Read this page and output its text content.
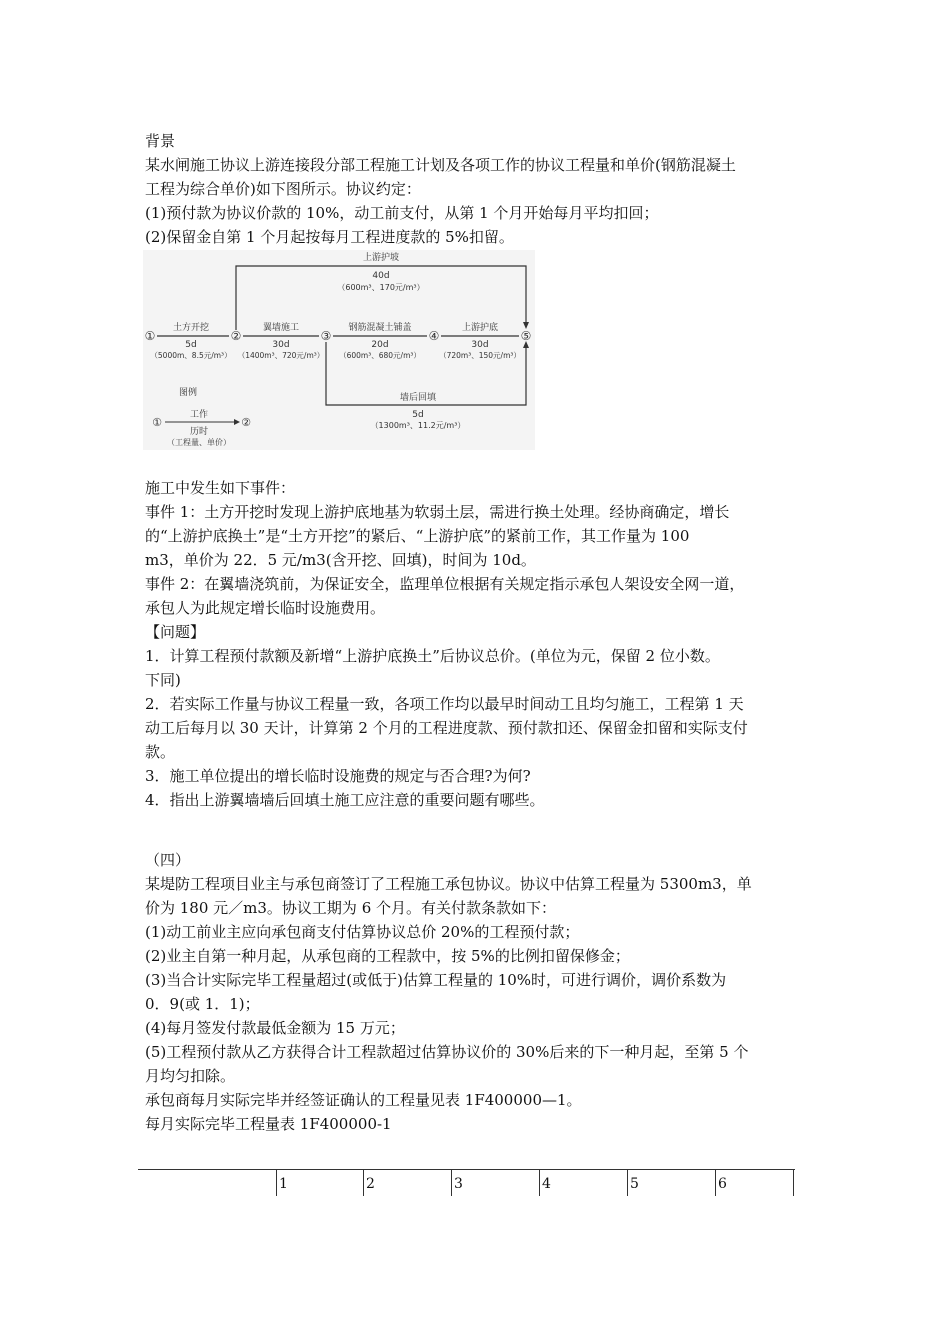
背景
某水闸施工协议上游连接段分部工程施工计划及各项工作的协议工程量和单价(钢筋混凝土
工程为综合单价)如下图所示。协议约定：
(1)预付款为协议价款的 10%，动工前支付，从第 1 个月开始每月平均扣回；
(2)保留金自第 1 个月起按每月工程进度款的 5%扣留。
上游护坡
40d
（600m³、170元/m³）
墙后回填
5d
（1300m³、11.2元/m³）
①	②	③	④	⑤
土方开挖
5d
（5000m、8.5元/m³）
翼墙施工
30d
（1400m³、720元/m³）
钢筋混凝土铺盖
20d
（600m³、680元/m³）
上游护底
30d
（720m³、150元/m³）
图例
①	②
工作
历时
（工程量、单价）
施工中发生如下事件：
事件 1：土方开挖时发现上游护底地基为软弱土层，需进行换土处理。经协商确定，增长
的“上游护底换土”是“土方开挖”的紧后、“上游护底”的紧前工作，其工作量为 100
m3，单价为 22．5 元/m3(含开挖、回填)，时间为 10d。
事件 2：在翼墙浇筑前，为保证安全，监理单位根据有关规定指示承包人架设安全网一道，
承包人为此规定增长临时设施费用。
【问题】
1．计算工程预付款额及新增“上游护底换土”后协议总价。(单位为元，保留 2 位小数。
下同)
2．若实际工作量与协议工程量一致，各项工作均以最早时间动工且均匀施工，工程第 1 天
动工后每月以 30 天计，计算第 2 个月的工程进度款、预付款扣还、保留金扣留和实际支付
款。
3．施工单位提出的增长临时设施费的规定与否合理?为何?
4．指出上游翼墙墙后回填土施工应注意的重要问题有哪些。
（四）
某堤防工程项目业主与承包商签订了工程施工承包协议。协议中估算工程量为 5300m3，单
价为 180 元／m3。协议工期为 6 个月。有关付款条款如下：
(1)动工前业主应向承包商支付估算协议总价 20%的工程预付款；
(2)业主自第一种月起，从承包商的工程款中，按 5%的比例扣留保修金；
(3)当合计实际完毕工程量超过(或低于)估算工程量的 10%时，可进行调价，调价系数为
0．9(或 1．1)；
(4)每月签发付款最低金额为 15 万元；
(5)工程预付款从乙方获得合计工程款超过估算协议价的 30%后来的下一种月起，至第 5 个
月均匀扣除。
承包商每月实际完毕并经签证确认的工程量见表 1F400000—1。
每月实际完毕工程量表 1F400000-1
1	2	3	4	5	6
